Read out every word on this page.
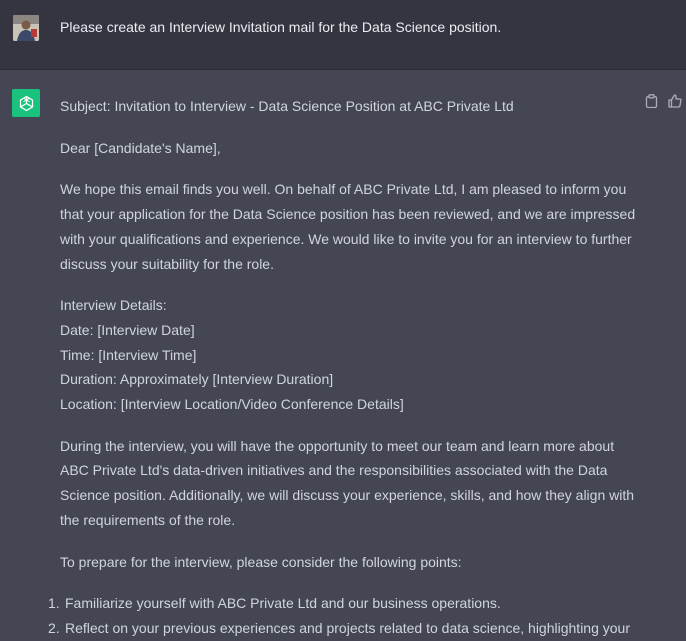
Please create an Interview Invitation mail for the Data Science position.

Subject: Invitation to Interview - Data Science Position at ABC Private Ltd

Dear [Candidate's Name],

We hope this email finds you well. On behalf of ABC Private Ltd, I am pleased to inform you that your application for the Data Science position has been reviewed, and we are impressed with your qualifications and experience. We would like to invite you for an interview to further discuss your suitability for the role.

Interview Details:
Date: [Interview Date]
Time: [Interview Time]
Duration: Approximately [Interview Duration]
Location: [Interview Location/Video Conference Details]

During the interview, you will have the opportunity to meet our team and learn more about ABC Private Ltd's data-driven initiatives and the responsibilities associated with the Data Science position. Additionally, we will discuss your experience, skills, and how they align with the requirements of the role.

To prepare for the interview, please consider the following points:

1. Familiarize yourself with ABC Private Ltd and our business operations.
2. Reflect on your previous experiences and projects related to data science, highlighting your
